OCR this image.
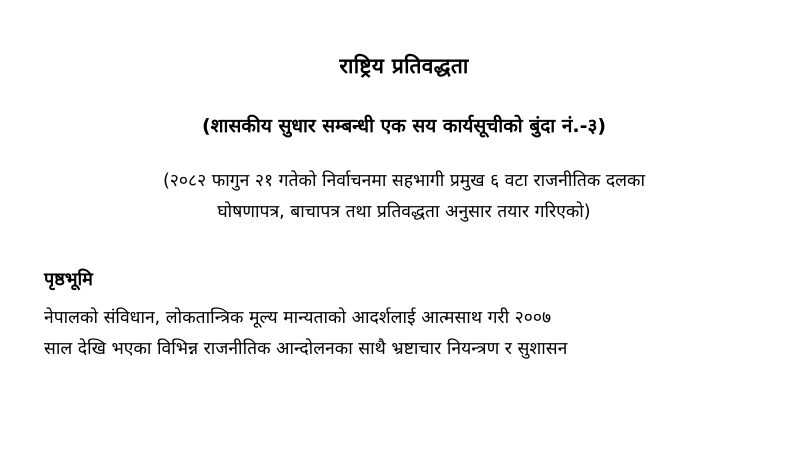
राष्ट्रिय प्रतिवद्धता
(शासकीय सुधार सम्बन्धी एक सय कार्यसूचीको बुंदा नं.-३)
(२०८२ फागुन २१ गतेको निर्वाचनमा सहभागी प्रमुख ६ वटा राजनीतिक दलका
घोषणापत्र, बाचापत्र तथा प्रतिवद्धता अनुसार तयार गरिएको)
पृष्ठभूमि
नेपालको संविधान, लोकतान्त्रिक मूल्य मान्यताको आदर्शलाई आत्मसाथ गरी २००७
साल देखि भएका विभिन्न राजनीतिक आन्दोलनका साथै भ्रष्टाचार नियन्त्रण र सुशासन
